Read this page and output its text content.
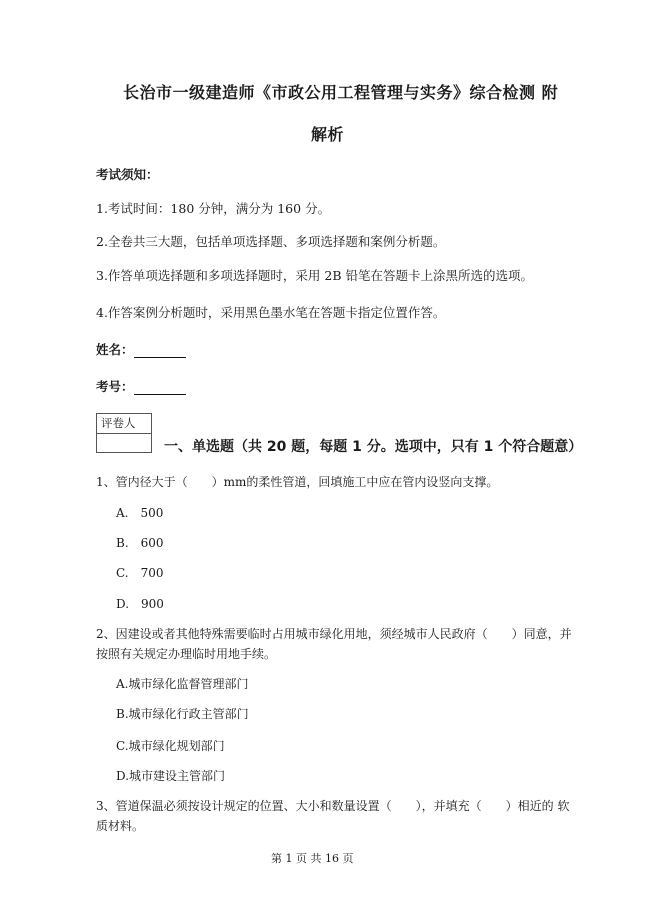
长治市一级建造师《市政公用工程管理与实务》综合检测 附
解析
考试须知：
1.考试时间：180 分钟，满分为 160 分。
2.全卷共三大题，包括单项选择题、多项选择题和案例分析题。
3.作答单项选择题和多项选择题时，采用 2B 铅笔在答题卡上涂黑所选的选项。
4.作答案例分析题时，采用黑色墨水笔在答题卡指定位置作答。
姓名：
考号：
评卷人
一、单选题（共 20 题，每题 1 分。选项中，只有 1 个符合题意）
1、管内径大于（　　）mm的柔性管道，回填施工中应在管内设竖向支撑。
A.　500
B.　600
C.　700
D.　900
2、因建设或者其他特殊需要临时占用城市绿化用地，须经城市人民政府（　　）同意，并
按照有关规定办理临时用地手续。
A.城市绿化监督管理部门
B.城市绿化行政主管部门
C.城市绿化规划部门
D.城市建设主管部门
3、管道保温必须按设计规定的位置、大小和数量设置（　　），并填充（　　）相近的 软
质材料。
第 1 页 共 16 页
